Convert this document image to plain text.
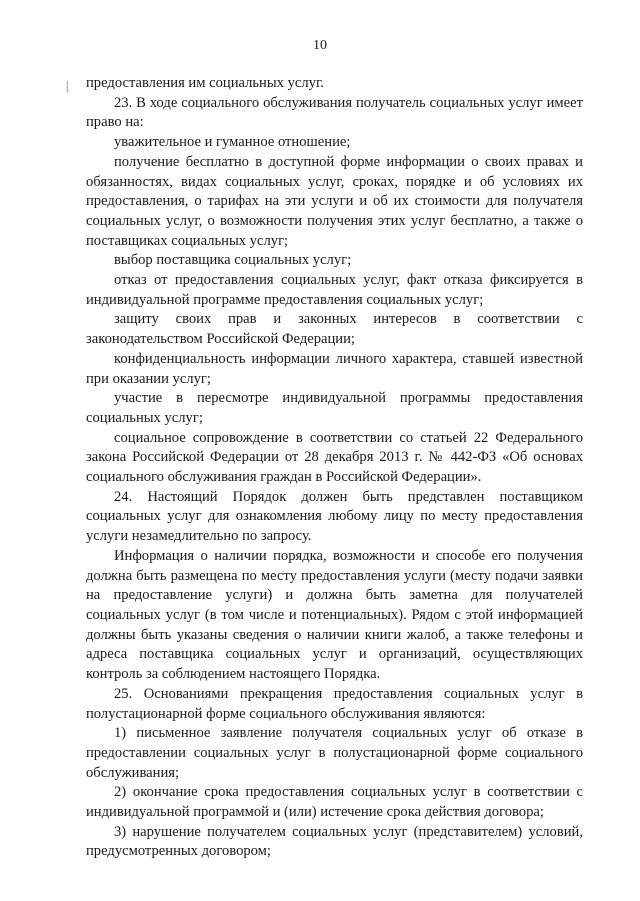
10
⸽ предоставления им социальных услуг.

23. В ходе социального обслуживания получатель социальных услуг имеет право на:

уважительное и гуманное отношение;

получение бесплатно в доступной форме информации о своих правах и обязанностях, видах социальных услуг, сроках, порядке и об условиях их предоставления, о тарифах на эти услуги и об их стоимости для получателя социальных услуг, о возможности получения этих услуг бесплатно, а также о поставщиках социальных услуг;

выбор поставщика социальных услуг;

отказ от предоставления социальных услуг, факт отказа фиксируется в индивидуальной программе предоставления социальных услуг;

защиту своих прав и законных интересов в соответствии с законодательством Российской Федерации;

конфиденциальность информации личного характера, ставшей известной при оказании услуг;

участие в пересмотре индивидуальной программы предоставления социальных услуг;

социальное сопровождение в соответствии со статьей 22 Федерального закона Российской Федерации от 28 декабря 2013 г. № 442-ФЗ «Об основах социального обслуживания граждан в Российской Федерации».

24. Настоящий Порядок должен быть представлен поставщиком социальных услуг для ознакомления любому лицу по месту предоставления услуги незамедлительно по запросу.

Информация о наличии порядка, возможности и способе его получения должна быть размещена по месту предоставления услуги (месту подачи заявки на предоставление услуги) и должна быть заметна для получателей социальных услуг (в том числе и потенциальных). Рядом с этой информацией должны быть указаны сведения о наличии книги жалоб, а также телефоны и адреса поставщика социальных услуг и организаций, осуществляющих контроль за соблюдением настоящего Порядка.

25. Основаниями прекращения предоставления социальных услуг в полустационарной форме социального обслуживания являются:

1) письменное заявление получателя социальных услуг об отказе в предоставлении социальных услуг в полустационарной форме социального обслуживания;

2) окончание срока предоставления социальных услуг в соответствии с индивидуальной программой и (или) истечение срока действия договора;

3) нарушение получателем социальных услуг (представителем) условий, предусмотренных договором;
